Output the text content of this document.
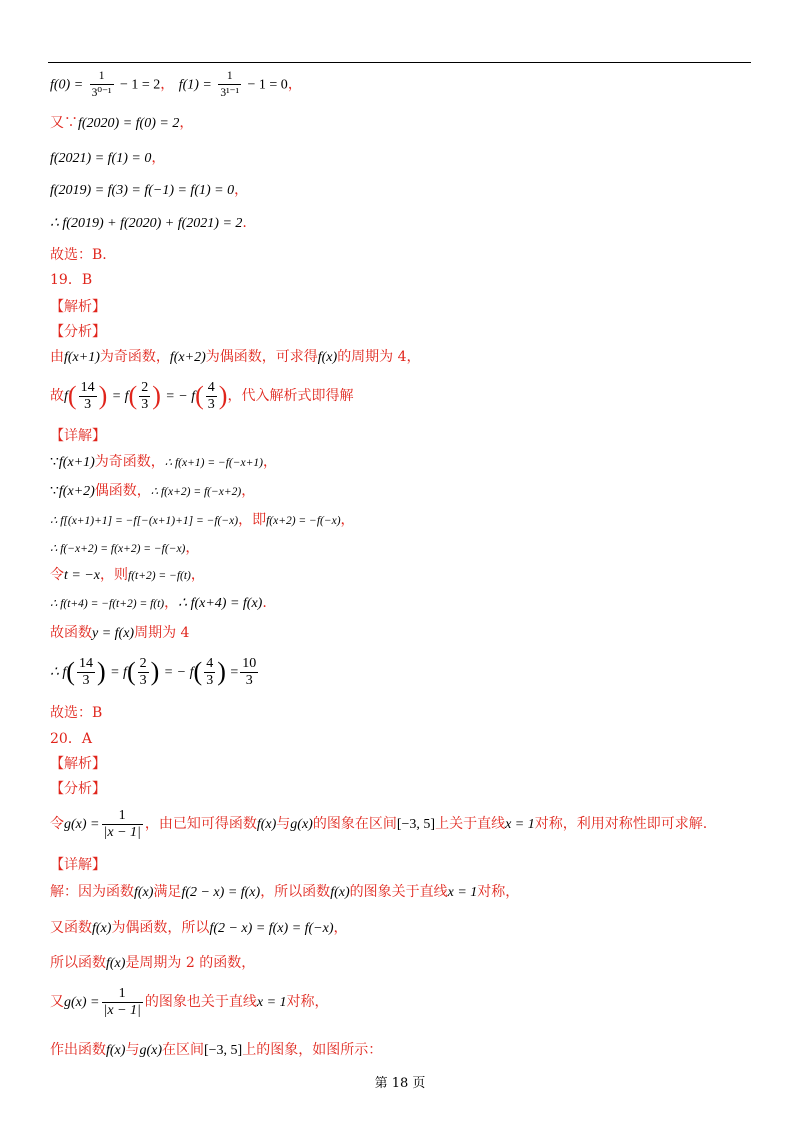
$f(0) = \frac{1}{\text{3⁰⁻¹}} - 1 = 2$， $f(1) = \frac{1}{\text{3¹⁻¹}} - 1 = 0$，
又∵f(2020) = f(0) = 2，
f(2021) = f(1) = 0，
f(2019) = f(3) = f(−1) = f(1) = 0，
∴ f(2019) + f(2020) + f(2021) = 2.
故选：B.
19．B
【解析】
【分析】
由f(x+1)为奇函数，f(x+2)为偶函数，可求得f(x)的周期为 4，
故$f( \frac{14}{3}$ ) = $f( \frac{2}{3}$ ) = − $f( \frac{4}{3}$ )，代入解析式即得解
【详解】
∵f(x+1)为奇函数，∴ f(x+1) = −f(−x+1)，
∵f(x+2)偶函数，∴ f(x+2) = f(−x+2)，
∴ f[(x+1)+1] = −f[−(x+1)+1] = −f(−x)，即f(x+2) = −f(−x)，
∴ f(−x+2) = f(x+2) = −f(−x)，
令t = −x，则f(t+2) = −f(t)，
∴ f(t+4) = −f(t+2) = f(t)，∴ f(x+4) = f(x).
故函数y = f(x)周期为 4
∴ $f( \frac{14}{3}$ ) = $f( \frac{2}{3}$ ) = − $f( \frac{4}{3}$ ) = $\frac{10}{3}$
故选：B
20．A
【解析】
【分析】
令$g(x) = \frac{1}{|x - 1|}$ ，由已知可得函数f(x)与g(x)的图象在区间[−3, 5]上关于直线x = 1对称，利用对称性即可求解.
【详解】
解：因为函数f(x)满足f(2 − x) = f(x)，所以函数f(x)的图象关于直线x = 1对称，
又函数f(x)为偶函数，所以f(2 − x) = f(x) = f(−x)，
所以函数f(x)是周期为 2 的函数，
又$g(x) = \frac{1}{|x - 1|}$ 的图象也关于直线x = 1对称，
作出函数f(x)与g(x)在区间[−3, 5]上的图象，如图所示：
第 18 页
